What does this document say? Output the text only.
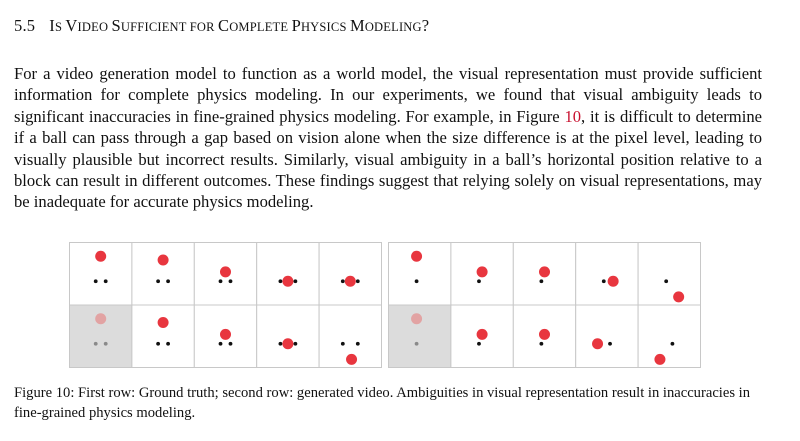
5.5 IS VIDEO SUFFICIENT FOR COMPLETE PHYSICS MODELING?

For a video generation model to function as a world model, the visual representation must provide sufficient information for complete physics modeling. In our experiments, we found that visual ambiguity leads to significant inaccuracies in fine-grained physics modeling. For example, in Figure 10, it is difficult to determine if a ball can pass through a gap based on vision alone when the size difference is at the pixel level, leading to visually plausible but incorrect results. Similarly, visual ambiguity in a ball’s horizontal position relative to a block can result in different outcomes. These findings suggest that relying solely on visual representations, may be inadequate for accurate physics modeling.

Figure 10: First row: Ground truth; second row: generated video. Ambiguities in visual representation result in inaccuracies in fine-grained physics modeling.
